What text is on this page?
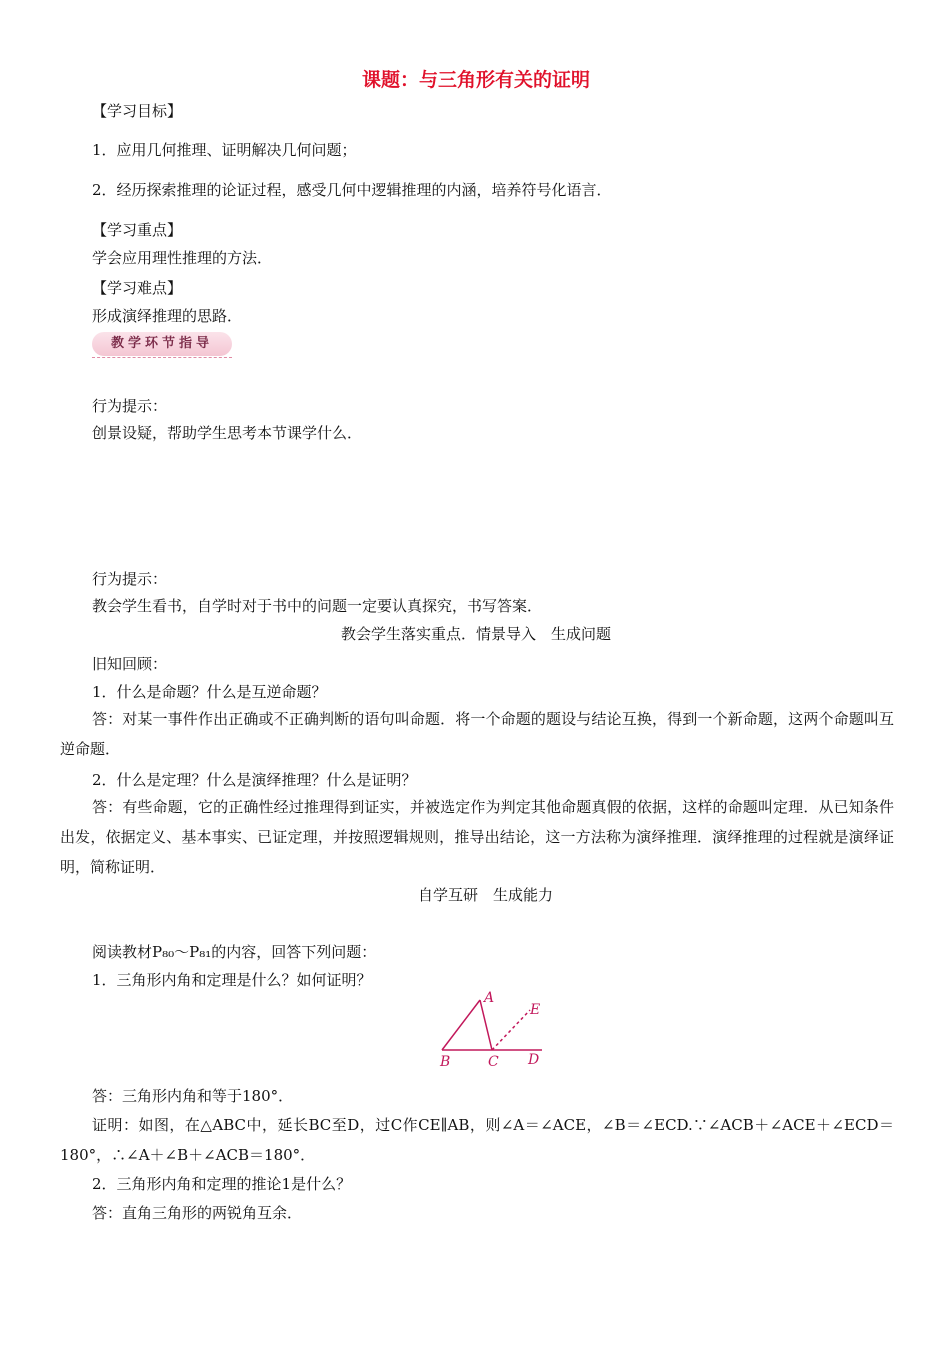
课题：与三角形有关的证明
【学习目标】
1．应用几何推理、证明解决几何问题；
2．经历探索推理的论证过程，感受几何中逻辑推理的内涵，培养符号化语言．
【学习重点】
学会应用理性推理的方法．
【学习难点】
形成演绎推理的思路．
教学环节指导
行为提示：
创景设疑，帮助学生思考本节课学什么．
行为提示：
教会学生看书，自学时对于书中的问题一定要认真探究，书写答案．
教会学生落实重点．情景导入　生成问题
旧知回顾：
1．什么是命题？什么是互逆命题？
答：对某一事件作出正确或不正确判断的语句叫命题．将一个命题的题设与结论互换，得到一个新命题，这两个命题叫互逆命题．
2．什么是定理？什么是演绎推理？什么是证明？
答：有些命题，它的正确性经过推理得到证实，并被选定作为判定其他命题真假的依据，这样的命题叫定理．从已知条件出发，依据定义、基本事实、已证定理，并按照逻辑规则，推导出结论，这一方法称为演绎推理．演绎推理的过程就是演绎证明，简称证明．
自学互研　生成能力
阅读教材P₈₀～P₈₁的内容，回答下列问题：
1．三角形内角和定理是什么？如何证明？
A
E
B	C D
答：三角形内角和等于180°．
证明：如图，在△ABC中，延长BC至D，过C作CE∥AB，则∠A＝∠ACE，∠B＝∠ECD.∵∠ACB＋∠ACE＋∠ECD＝180°，∴∠A＋∠B＋∠ACB＝180°．
2．三角形内角和定理的推论1是什么？
答：直角三角形的两锐角互余．
